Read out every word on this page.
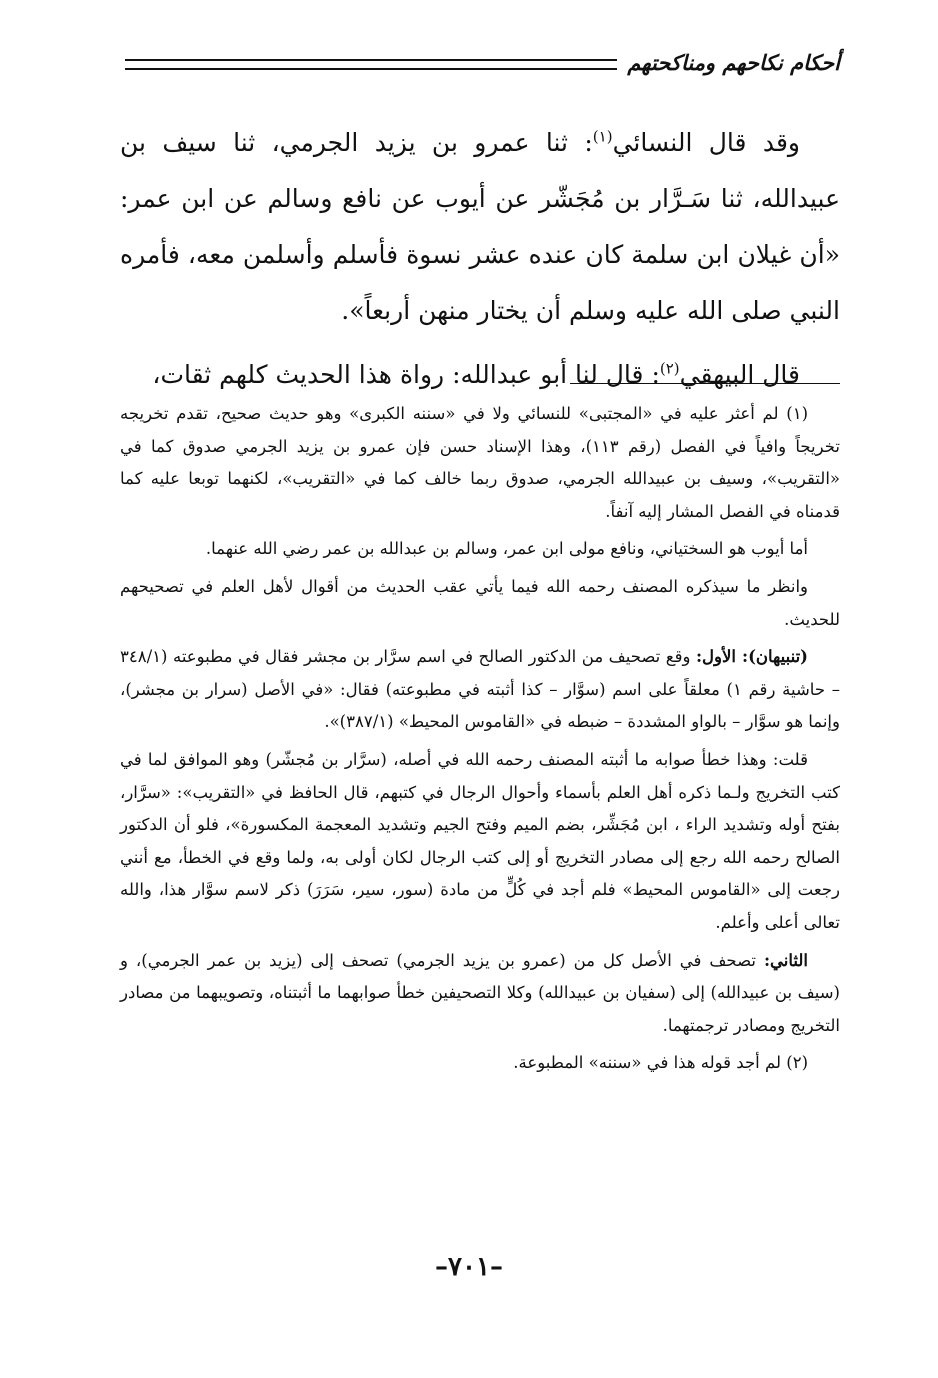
أحكام نكاحهم ومناكحتهم

وقد قال النسائي$^{(١)}$: ثنا عمرو بن يزيد الجرمي، ثنا سيف بن عبيدالله، ثنا سَـرَّار بن مُجَشّر عن أيوب عن نافع وسالم عن ابن عمر: «أن غيلان ابن سلمة كان عنده عشر نسوة فأسلم وأسلمن معه، فأمره النبي صلى الله عليه وسلم أن يختار منهن أربعاً».

قال البيهقي$^{(٢)}$: قال لنا أبو عبدالله: رواة هذا الحديث كلهم ثقات،

(١) لم أعثر عليه في «المجتبى» للنسائي ولا في «سننه الكبرى» وهو حديث صحيح، تقدم تخريجه تخريجاً وافياً في الفصل (رقم ١١٣)، وهذا الإسناد حسن فإن عمرو بن يزيد الجرمي صدوق كما في «التقريب»، وسيف بن عبيدالله الجرمي، صدوق ربما خالف كما في «التقريب»، لكنهما توبعا عليه كما قدمناه في الفصل المشار إليه آنفاً.

أما أيوب هو السختياني، ونافع مولى ابن عمر، وسالم بن عبدالله بن عمر رضي الله عنهما.

وانظر ما سيذكره المصنف رحمه الله فيما يأتي عقب الحديث من أقوال لأهل العلم في تصحيحهم للحديث.

(تنبيهان): الأول: وقع تصحيف من الدكتور الصالح في اسم سرَّار بن مجشر فقال في مطبوعته (٣٤٨/١ – حاشية رقم ١) معلقاً على اسم (سوَّار – كذا أثبته في مطبوعته) فقال: «في الأصل (سرار بن مجشر)، وإنما هو سوَّار – بالواو المشددة – ضبطه في «القاموس المحيط» (٣٨٧/١)».

قلت: وهذا خطأ صوابه ما أثبته المصنف رحمه الله في أصله، (سرَّار بن مُجشّر) وهو الموافق لما في كتب التخريج ولـما ذكره أهل العلم بأسماء وأحوال الرجال في كتبهم، قال الحافظ في «التقريب»: «سرَّار، بفتح أوله وتشديد الراء ، ابن مُجَشِّر، بضم الميم وفتح الجيم وتشديد المعجمة المكسورة»، فلو أن الدكتور الصالح رحمه الله رجع إلى مصادر التخريج أو إلى كتب الرجال لكان أولى به، ولما وقع في الخطأ، مع أنني رجعت إلى «القاموس المحيط» فلم أجد في كُلٍّ من مادة (سور، سير، سَرَرَ) ذكر لاسم سوَّار هذا، والله تعالى أعلى وأعلم.

الثاني: تصحف في الأصل كل من (عمرو بن يزيد الجرمي) تصحف إلى (يزيد بن عمر الجرمي)، و (سيف بن عبيدالله) إلى (سفيان بن عبيدالله) وكلا التصحيفين خطأ صوابهما ما أثبتناه، وتصويبهما من مصادر التخريج ومصادر ترجمتهما.

(٢) لم أجد قوله هذا في «سننه» المطبوعة.

–٧٠١–
